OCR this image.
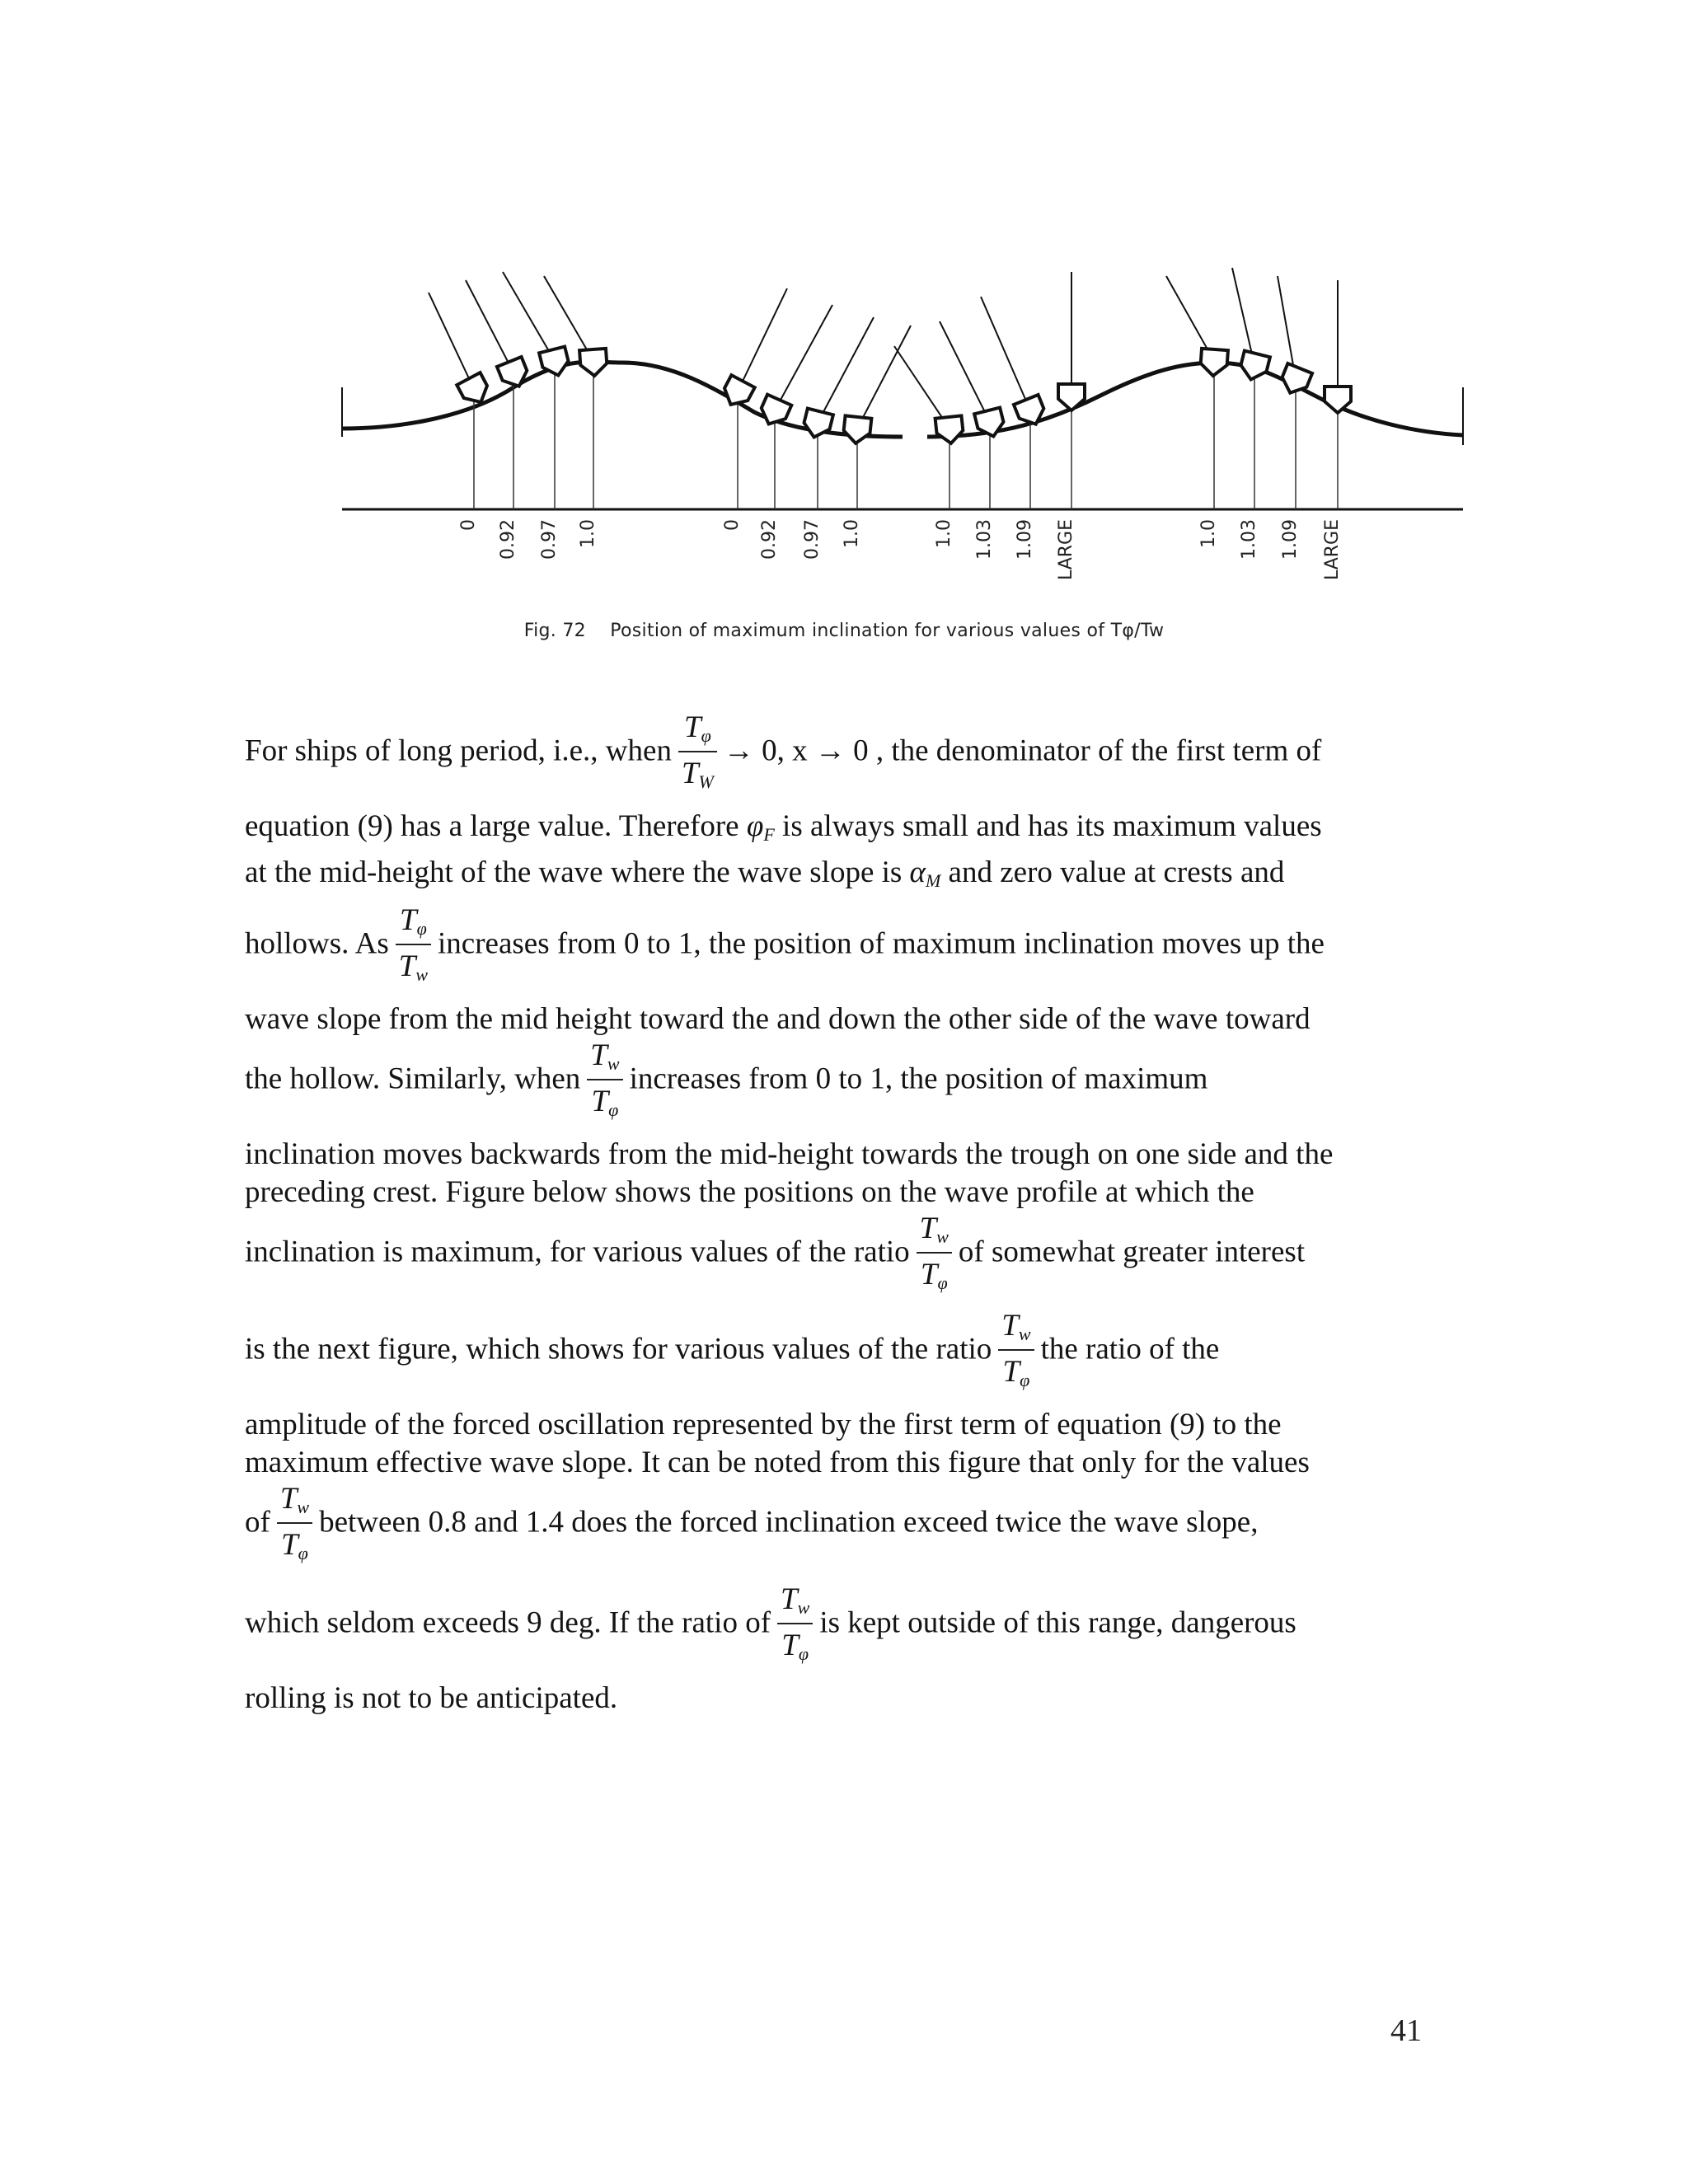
0 0.92 0.97 1.0	0 0.92 0.97 1.0	1.0 1.03 1.09 LARGE	1.0 1.03 1.09 LARGE
Fig. 72 Position of maximum inclination for various values of Tφ/Tw

For ships of long period, i.e., when $\frac{T_\varphi}{T_W} \to 0$, x → 0 , the denominator of the first term of

equation (9) has a large value. Therefore $\varphi_F$ is always small and has its maximum values

at the mid-height of the wave where the wave slope is $\alpha_M$ and zero value at crests and

hollows. As $\frac{T_\varphi}{T_w}$ increases from 0 to 1, the position of maximum inclination moves up the

wave slope from the mid height toward the and down the other side of the wave toward

the hollow. Similarly, when $\frac{T_w}{T_\varphi}$ increases from 0 to 1, the position of maximum

inclination moves backwards from the mid-height towards the trough on one side and the

preceding crest. Figure below shows the positions on the wave profile at which the

inclination is maximum, for various values of the ratio $\frac{T_w}{T_\varphi}$ of somewhat greater interest

is the next figure, which shows for various values of the ratio $\frac{T_w}{T_\varphi}$ the ratio of the

amplitude of the forced oscillation represented by the first term of equation (9) to the

maximum effective wave slope. It can be noted from this figure that only for the values

of $\frac{T_w}{T_\varphi}$ between 0.8 and 1.4 does the forced inclination exceed twice the wave slope,

which seldom exceeds 9 deg. If the ratio of $\frac{T_w}{T_\varphi}$ is kept outside of this range, dangerous

rolling is not to be anticipated.

41
